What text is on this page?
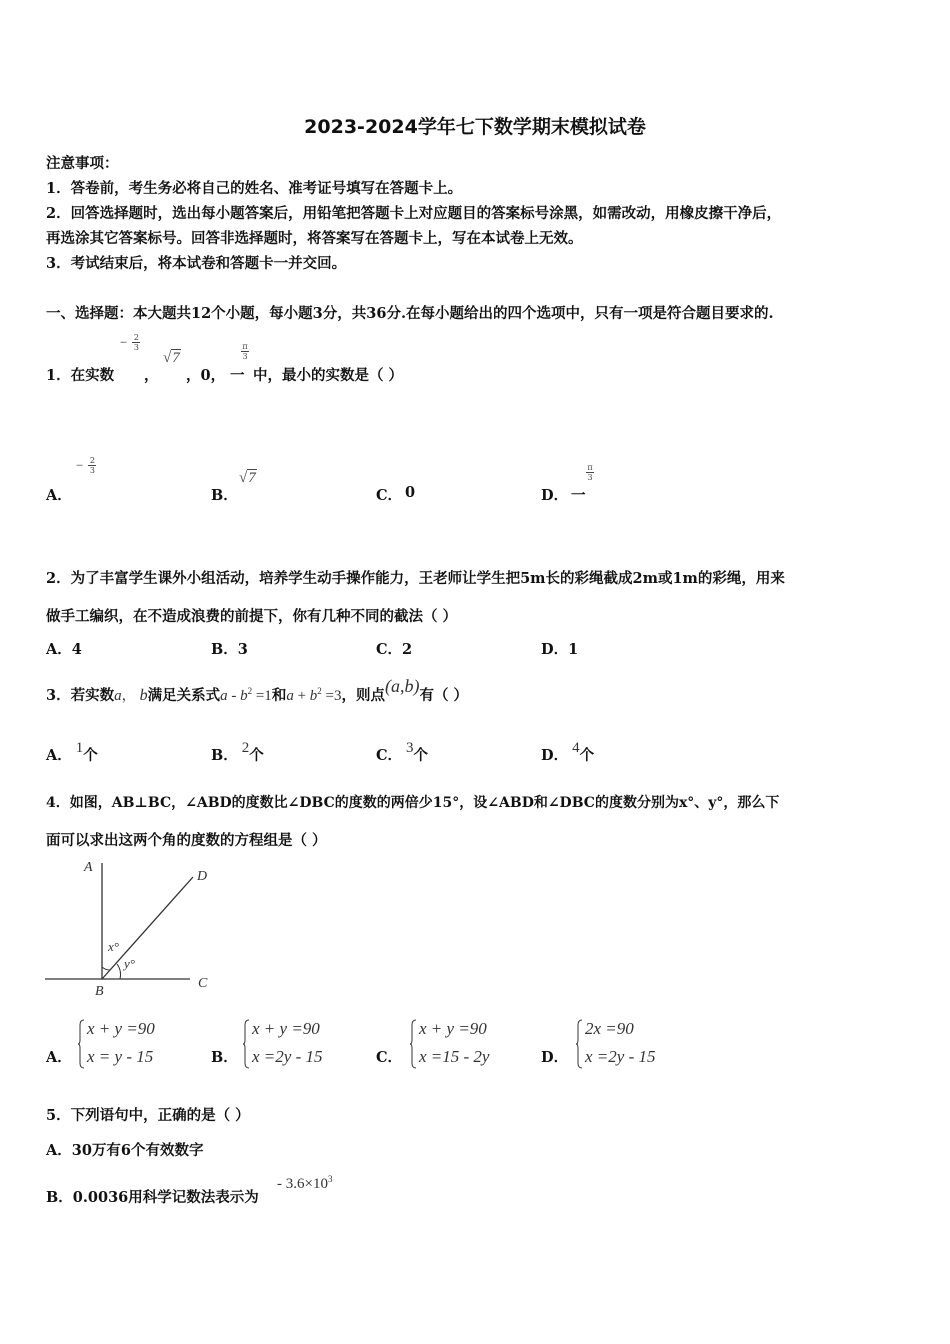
2023-2024学年七下数学期末模拟试卷
注意事项：
1．答卷前，考生务必将自己的姓名、准考证号填写在答题卡上。
2．回答选择题时，选出每小题答案后，用铅笔把答题卡上对应题目的答案标号涂黑，如需改动，用橡皮擦干净后，
再选涂其它答案标号。回答非选择题时，将答案写在答题卡上，写在本试卷上无效。
3．考试结束后，将本试卷和答题卡一并交回。
一、选择题：本大题共12个小题，每小题3分，共36分.在每小题给出的四个选项中，只有一项是符合题目要求的.
1．在实数
− $\frac{2}{3}$
，
√7
，0， 一
$\frac{\pi}{3}$
中，最小的实数是（ ）
A．
− $\frac{2}{3}$
B．
√7
C． 0	D． 一
$\frac{\pi}{3}$
2．为了丰富学生课外小组活动，培养学生动手操作能力，王老师让学生把5m长的彩绳截成2m或1m的彩绳，用来
做手工编织，在不造成浪费的前提下，你有几种不同的截法（ ）
A．4	B．3	C．2	D．1
3．若实数a， b满足关系式$a - b^2 =1$和$a + b^2 =3$，则点(a,b)有（ ）
A． 1个	B． 2个	C． 3个	D． 4个
4．如图，AB⊥BC，∠ABD的度数比∠DBC的度数的两倍少15°，设∠ABD和∠DBC的度数分别为x°、y°，那么下
面可以求出这两个角的度数的方程组是（ ）
A
B
C
D
x°
y°
A．
x + y =90
x = y - 15	B．
x + y =90
x =2y - 15	C．
x + y =90
x =15 - 2y	D．
2x =90
x =2y - 15
5．下列语句中，正确的是（ ）
A．30万有6个有效数字
B．0.0036用科学记数法表示为
- $3.6\times 10^3$
